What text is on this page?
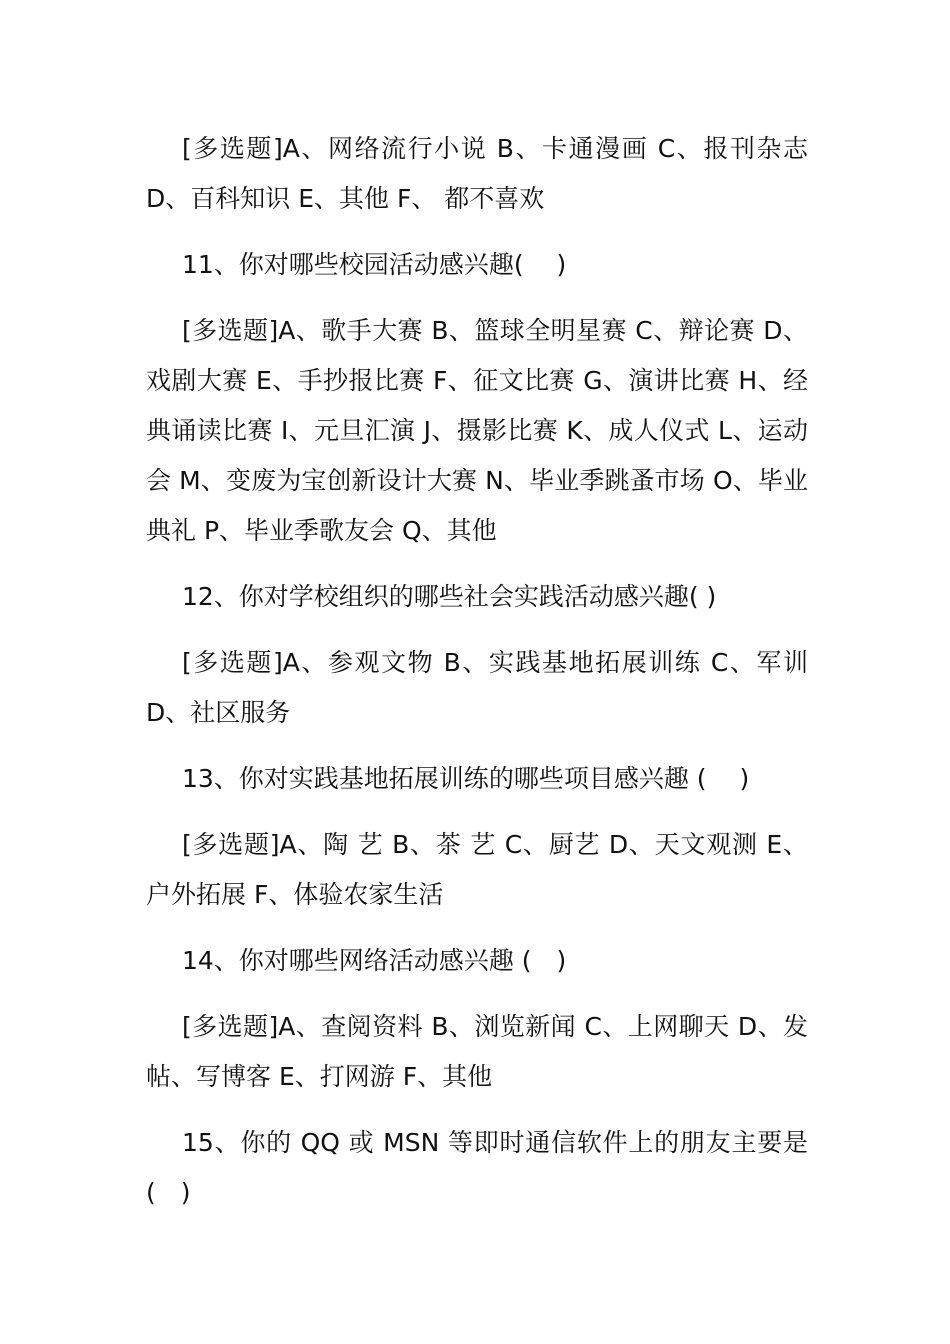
[多选题]A、网络流行小说 B、卡通漫画 C、报刊杂志 D、百科知识 E、其他 F、 都不喜欢

11、你对哪些校园活动感兴趣(　 )

[多选题]A、歌手大赛 B、篮球全明星赛 C、辩论赛 D、戏剧大赛 E、手抄报比赛 F、征文比赛 G、演讲比赛 H、经典诵读比赛 I、元旦汇演 J、摄影比赛 K、成人仪式 L、运动会 M、变废为宝创新设计大赛 N、毕业季跳蚤市场 O、毕业典礼 P、毕业季歌友会 Q、其他

12、你对学校组织的哪些社会实践活动感兴趣( )

[多选题]A、参观文物 B、实践基地拓展训练 C、军训 D、社区服务

13、你对实践基地拓展训练的哪些项目感兴趣 (　 )

[多选题]A、陶 艺 B、茶 艺 C、厨艺 D、天文观测 E、户外拓展 F、体验农家生活

14、你对哪些网络活动感兴趣 (　)

[多选题]A、查阅资料 B、浏览新闻 C、上网聊天 D、发帖、写博客 E、打网游 F、其他

15、你的 QQ 或 MSN 等即时通信软件上的朋友主要是(　)
